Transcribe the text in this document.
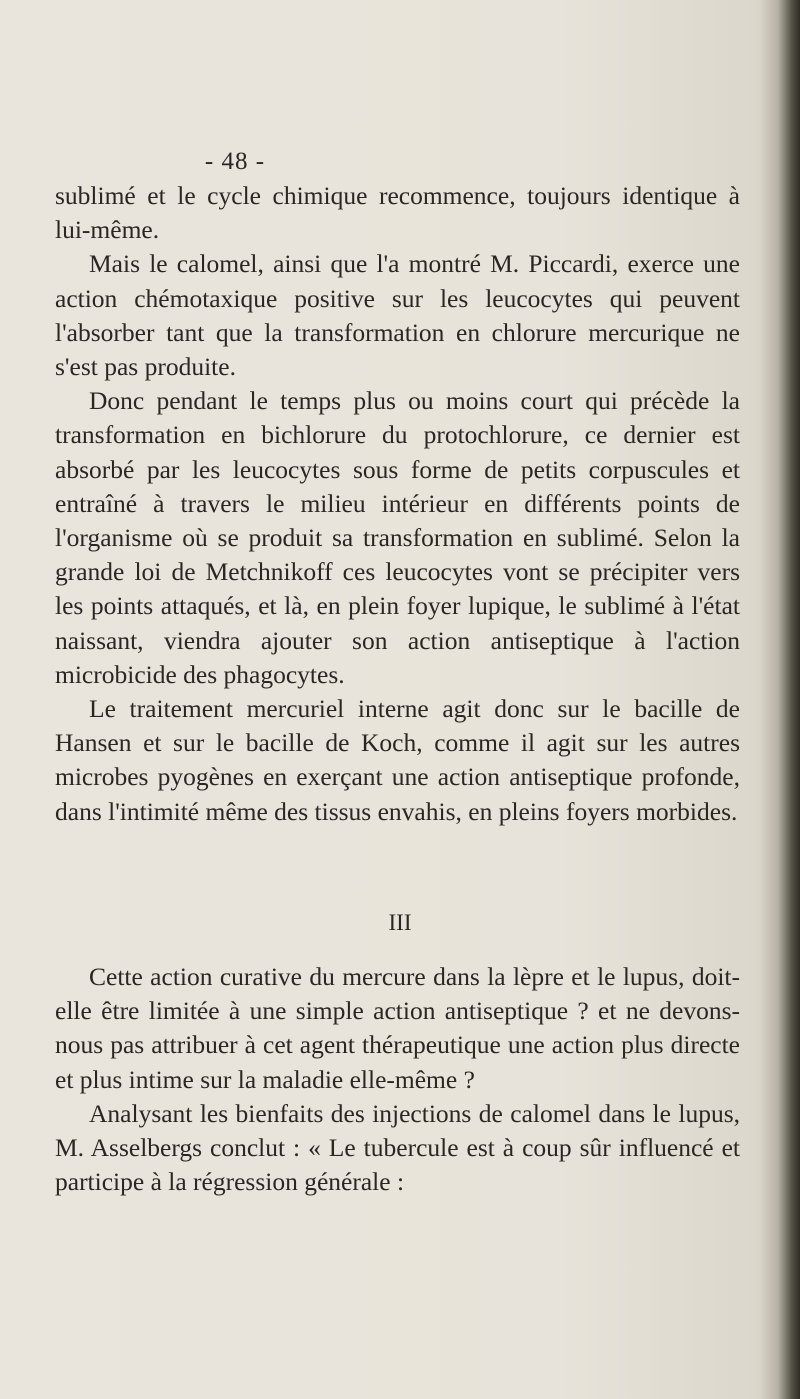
- 48 -

sublimé et le cycle chimique recommence, toujours identique à lui-même.

Mais le calomel, ainsi que l'a montré M. Piccardi, exerce une action chémotaxique positive sur les leucocytes qui peuvent l'absorber tant que la transformation en chlorure mercurique ne s'est pas produite.

Donc pendant le temps plus ou moins court qui précède la transformation en bichlorure du protochlorure, ce dernier est absorbé par les leucocytes sous forme de petits corpuscules et entraîné à travers le milieu intérieur en différents points de l'organisme où se produit sa transformation en sublimé. Selon la grande loi de Metchnikoff ces leucocytes vont se précipiter vers les points attaqués, et là, en plein foyer lupique, le sublimé à l'état naissant, viendra ajouter son action antiseptique à l'action microbicide des phagocytes.

Le traitement mercuriel interne agit donc sur le bacille de Hansen et sur le bacille de Koch, comme il agit sur les autres microbes pyogènes en exerçant une action antiseptique profonde, dans l'intimité même des tissus envahis, en pleins foyers morbides.

III

Cette action curative du mercure dans la lèpre et le lupus, doit-elle être limitée à une simple action antiseptique ? et ne devons-nous pas attribuer à cet agent thérapeutique une action plus directe et plus intime sur la maladie elle-même ?

Analysant les bienfaits des injections de calomel dans le lupus, M. Asselbergs conclut : « Le tubercule est à coup sûr influencé et participe à la régression générale :
